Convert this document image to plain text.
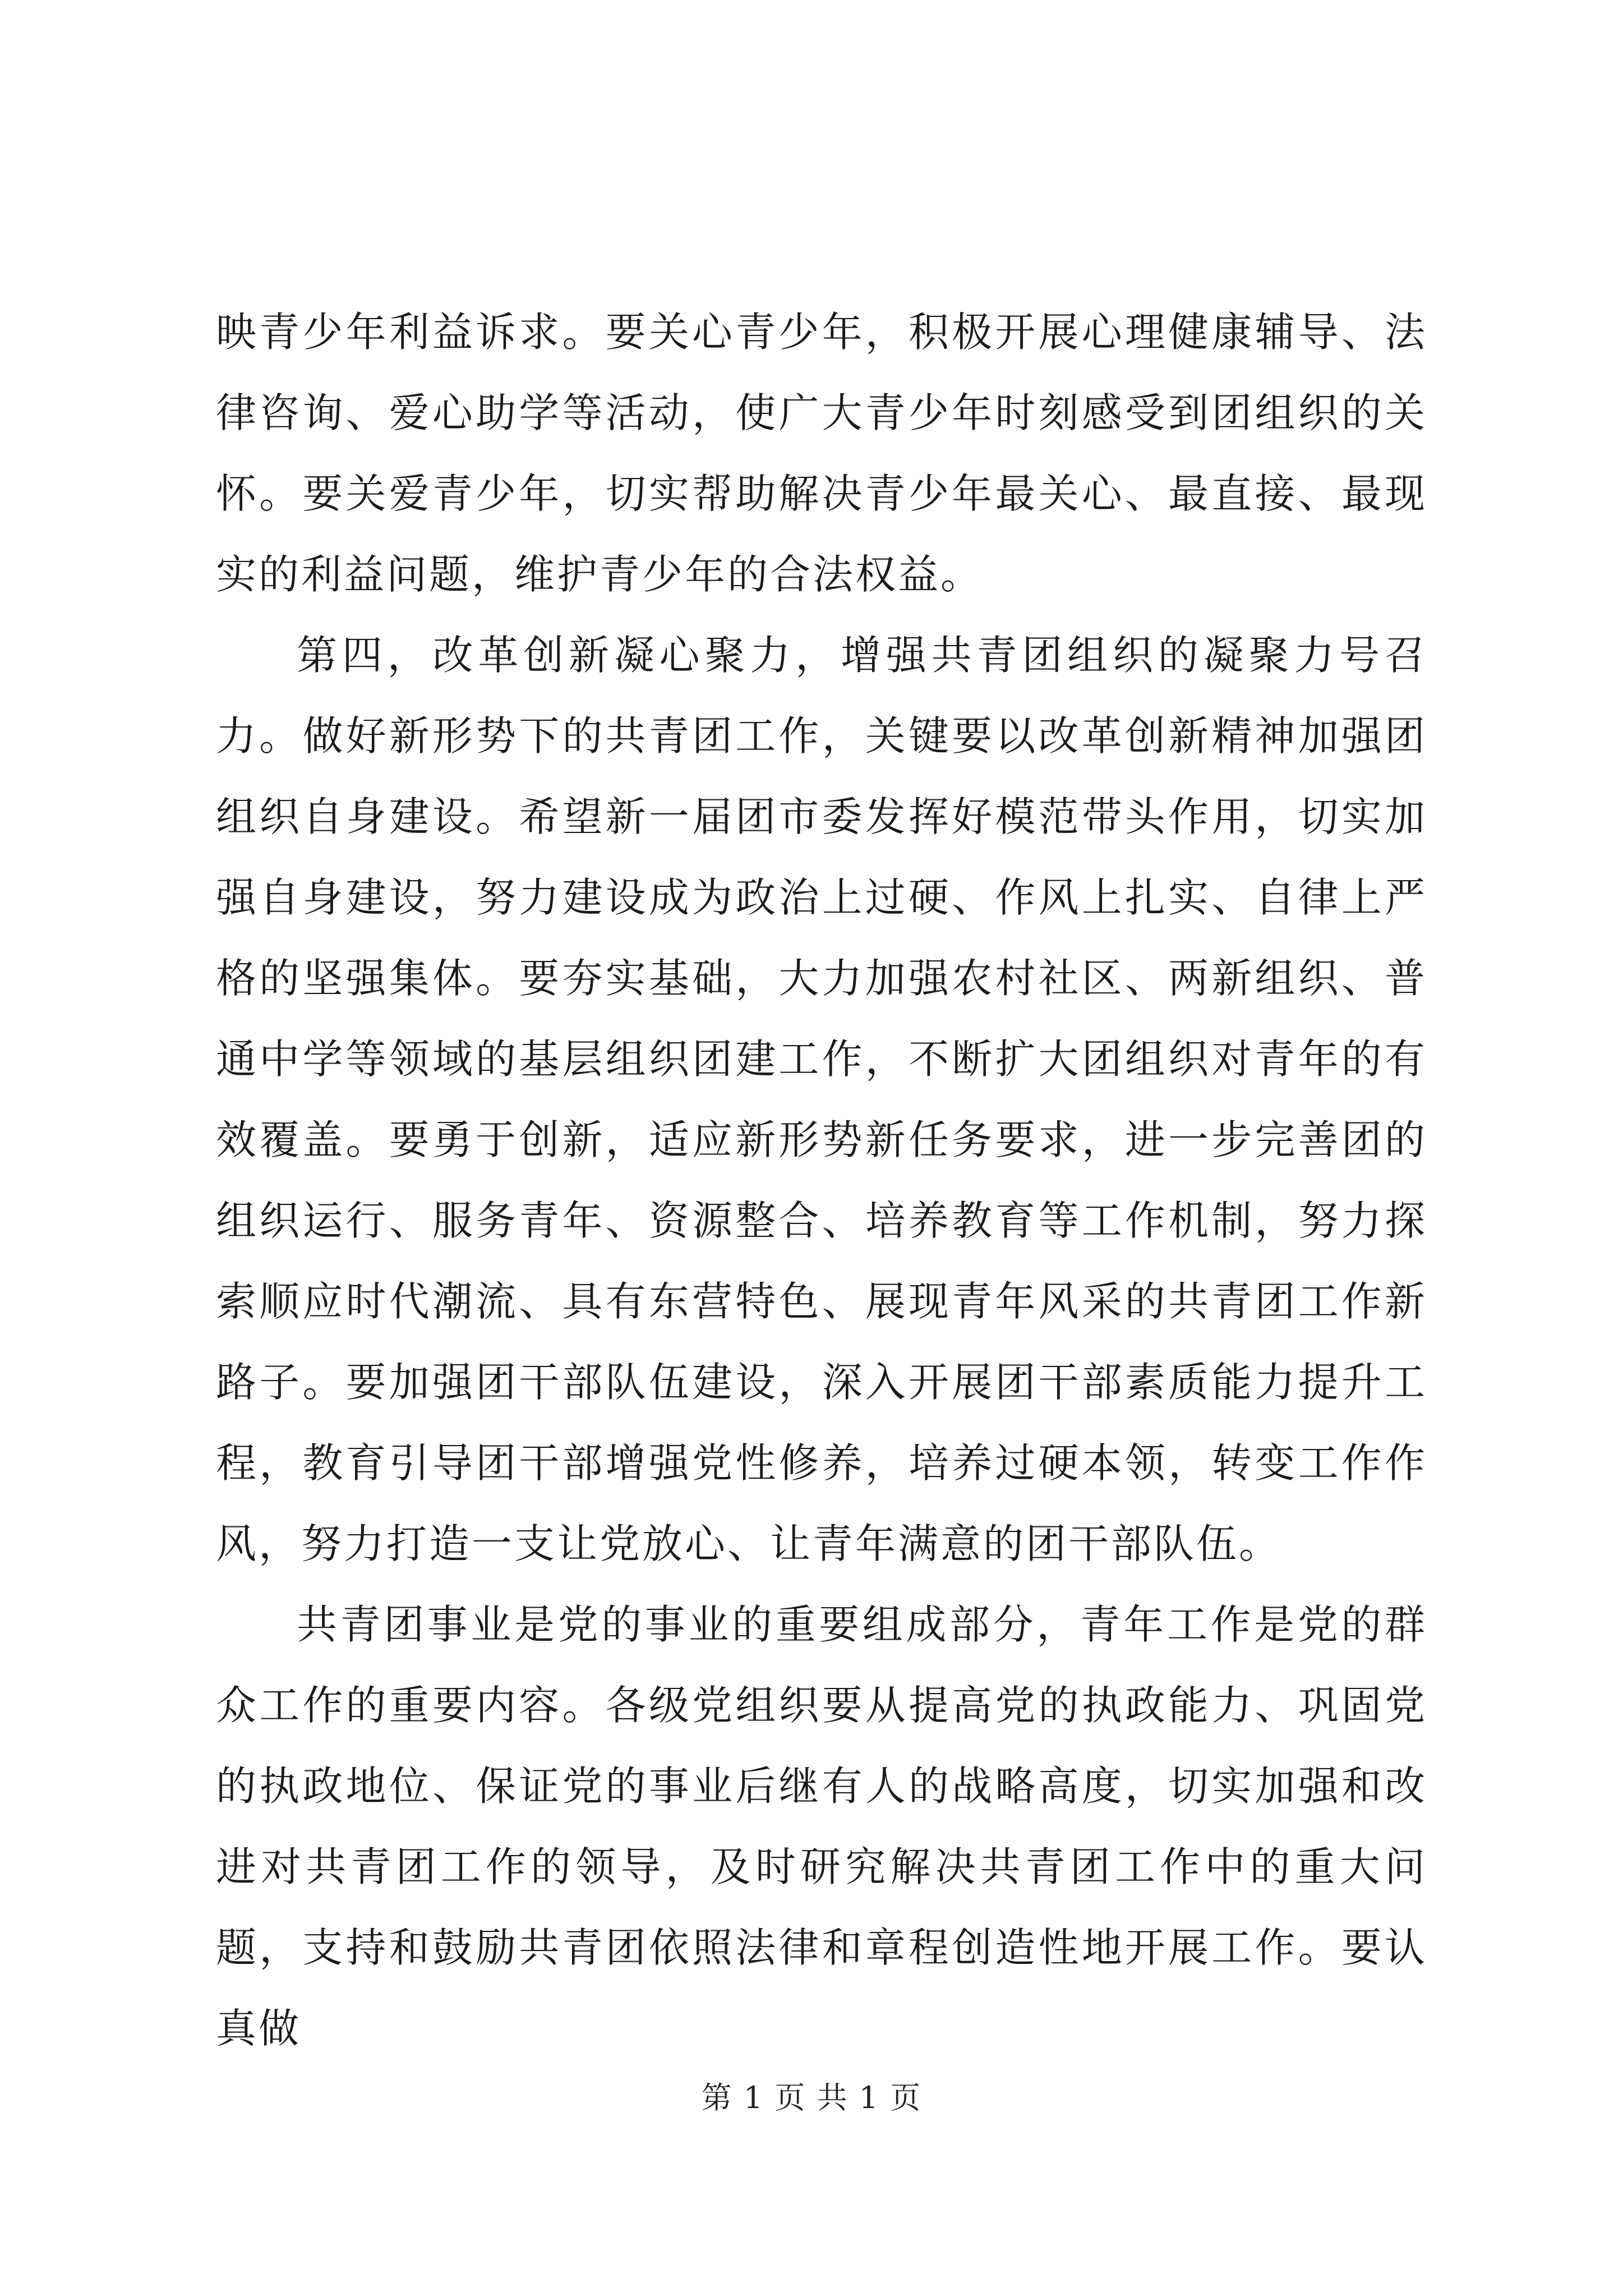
映青少年利益诉求。要关心青少年，积极开展心理健康辅导、法律咨询、爱心助学等活动，使广大青少年时刻感受到团组织的关怀。要关爱青少年，切实帮助解决青少年最关心、最直接、最现实的利益问题，维护青少年的合法权益。

第四，改革创新凝心聚力，增强共青团组织的凝聚力号召力。做好新形势下的共青团工作，关键要以改革创新精神加强团组织自身建设。希望新一届团市委发挥好模范带头作用，切实加强自身建设，努力建设成为政治上过硬、作风上扎实、自律上严格的坚强集体。要夯实基础，大力加强农村社区、两新组织、普通中学等领域的基层组织团建工作，不断扩大团组织对青年的有效覆盖。要勇于创新，适应新形势新任务要求，进一步完善团的组织运行、服务青年、资源整合、培养教育等工作机制，努力探索顺应时代潮流、具有东营特色、展现青年风采的共青团工作新路子。要加强团干部队伍建设，深入开展团干部素质能力提升工程，教育引导团干部增强党性修养，培养过硬本领，转变工作作风，努力打造一支让党放心、让青年满意的团干部队伍。

共青团事业是党的事业的重要组成部分，青年工作是党的群众工作的重要内容。各级党组织要从提高党的执政能力、巩固党的执政地位、保证党的事业后继有人的战略高度，切实加强和改进对共青团工作的领导，及时研究解决共青团工作中的重大问题，支持和鼓励共青团依照法律和章程创造性地开展工作。要认真做

第 1 页 共 1 页
